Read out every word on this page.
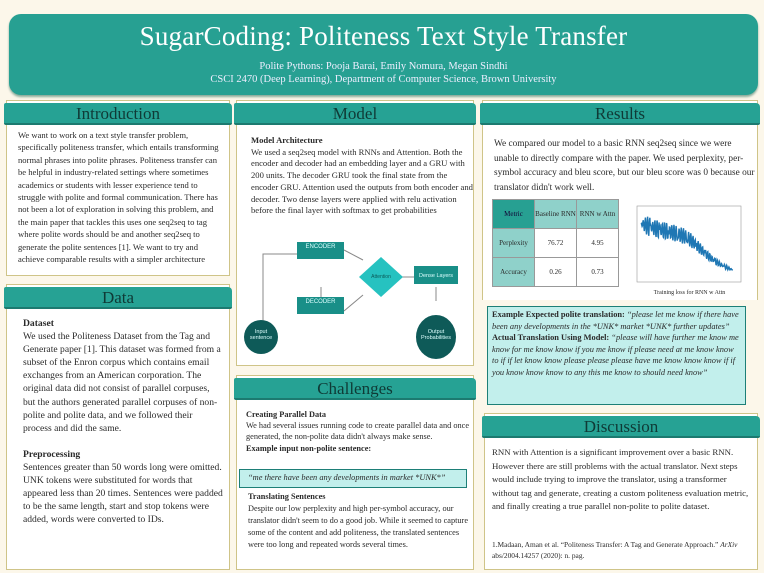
SugarCoding: Politeness Text Style Transfer
Polite Pythons: Pooja Barai, Emily Nomura, Megan Sindhi
CSCI 2470 (Deep Learning), Department of Computer Science, Brown University
Introduction
We want to work on a text style transfer problem, specifically politeness transfer, which entails transforming normal phrases into polite phrases. Politeness transfer can be helpful in industry-related settings where sometimes academics or students with lesser experience tend to struggle with polite and formal communication. There has not been a lot of exploration in solving this problem, and the main paper that tackles this uses one seq2seq to tag where polite words should be and another seq2seq to generate the polite sentences [1]. We want to try and achieve comparable results with a simpler architecture
Data
Dataset
We used the Politeness Dataset from the Tag and Generate paper [1]. This dataset was formed from a subset of the Enron corpus which contains email exchanges from an American corporation. The original data did not consist of parallel corpuses, but the authors generated parallel corpuses of non-polite and polite data, and we followed their process and did the same.

Preprocessing
Sentences greater than 50 words long were omitted. UNK tokens were substituted for words that appeared less than 20 times. Sentences were padded to be the same length, start and stop tokens were added, words were converted to IDs.
Model
Model Architecture
We used a seq2seq model with RNNs and Attention. Both the encoder and decoder had an embedding layer and a GRU with 200 units. The decoder GRU took the final state from the encoder GRU. Attention used the outputs from both encoder and decoder. Two dense layers were applied with relu activation before the final layer with softmax to get probabilities
ENCODER
DECODER
Attention	Dense Layers
Input sentence
Output Probabilities
Challenges
Creating Parallel Data
We had several issues running code to create parallel data and once generated, the non-polite data didn't always make sense.
Example input non-polite sentence:
“me there have been any developments in market *UNK*”
Translating Sentences
Despite our low perplexity and high per-symbol accuracy, our translator didn't seem to do a good job. While it seemed to capture some of the content and add politeness, the translated sentences were too long and repeated words several times.
Results
We compared our model to a basic RNN seq2seq since we were unable to directly compare with the paper. We used perplexity, per-symbol accuracy and bleu score, but our bleu score was 0 because our translator didn't work well.
Metric	Baseline RNN	RNN w Attn
Perplexity	76.72	4.95
Accuracy	0.26	0.73
Training loss for RNN w Attn
Example Expected polite translation: “please let me know if there have been any developments in the *UNK* market *UNK* further updates”
Actual Translation Using Model: “please will have further me know me know for me know know if you me know if please need at me know know to if if let know know please please please have me know know know if if you know know know to any this me know to should need know”
Discussion
RNN with Attention is a significant improvement over a basic RNN. However there are still problems with the actual translator. Next steps would include trying to improve the translator, using a transformer without tag and generate, creating a custom politeness evaluation metric, and finally creating a true parallel non-polite to polite dataset.
1.Madaan, Aman et al. “Politeness Transfer: A Tag and Generate Approach.” ArXiv abs/2004.14257 (2020): n. pag.
